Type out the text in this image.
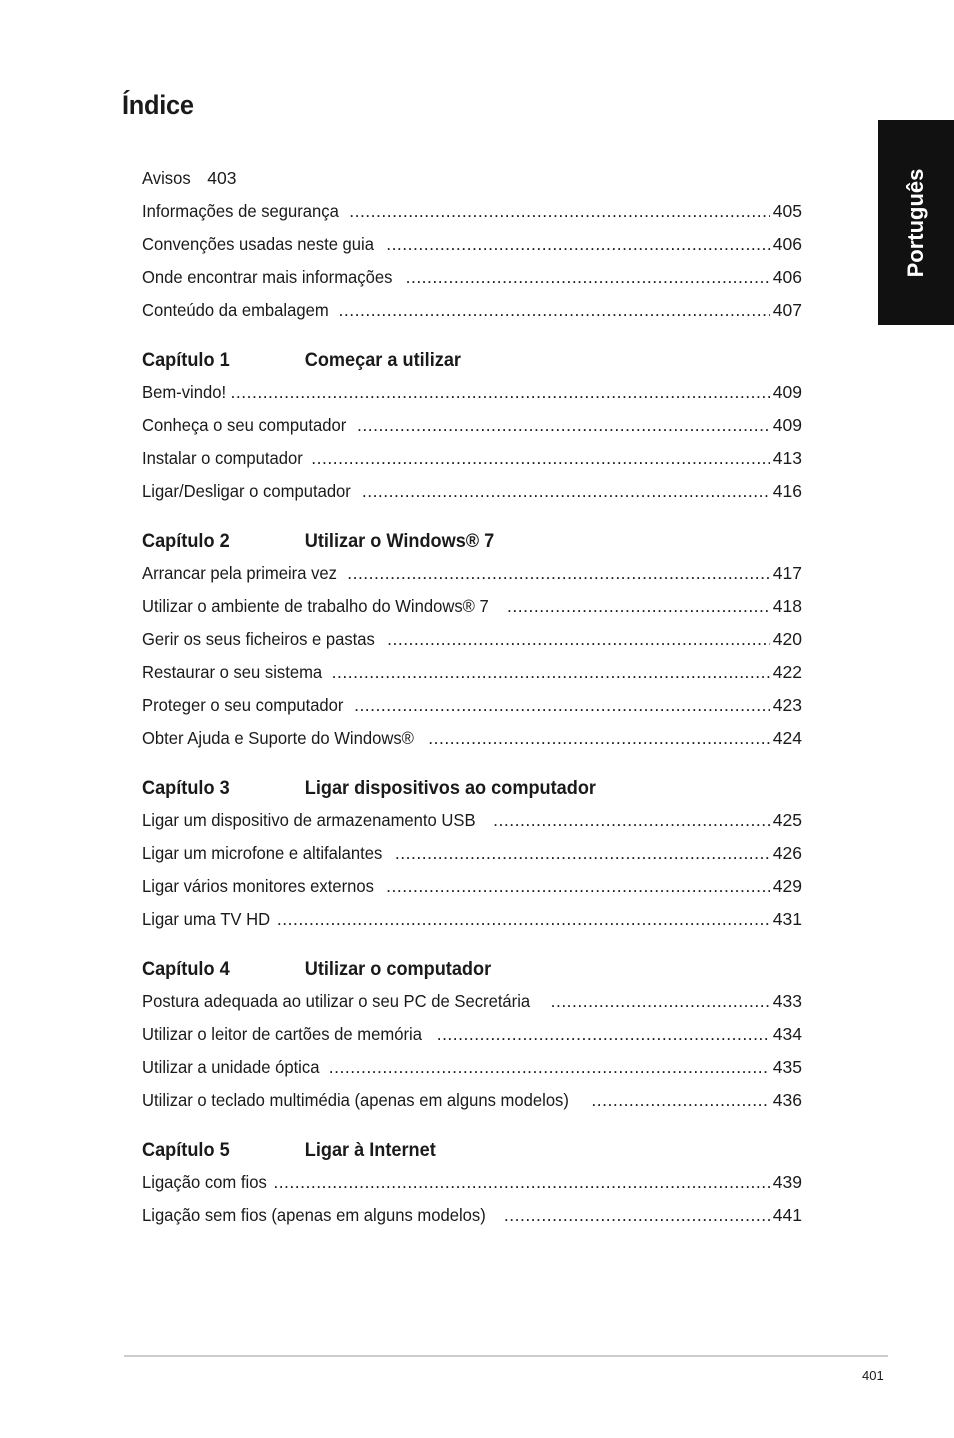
Índice
Português
Avisos 403
Informações de segurança .....	405
Convenções usadas neste guia .....	406
Onde encontrar mais informações .....	406
Conteúdo da embalagem .....	407
Capítulo 1	Começar a utilizar
Bem-vindo! .....	409
Conheça o seu computador .....	409
Instalar o computador .....	413
Ligar/Desligar o computador .....	416
Capítulo 2	Utilizar o Windows® 7
Arrancar pela primeira vez .....	417
Utilizar o ambiente de trabalho do Windows® 7 .....	418
Gerir os seus ficheiros e pastas .....	420
Restaurar o seu sistema .....	422
Proteger o seu computador .....	423
Obter Ajuda e Suporte do Windows® .....	424
Capítulo 3	Ligar dispositivos ao computador
Ligar um dispositivo de armazenamento USB .....	425
Ligar um microfone e altifalantes .....	426
Ligar vários monitores externos .....	429
Ligar uma TV HD .....	431
Capítulo 4	Utilizar o computador
Postura adequada ao utilizar o seu PC de Secretária .....	433
Utilizar o leitor de cartões de memória .....	434
Utilizar a unidade óptica .....	435
Utilizar o teclado multimédia (apenas em alguns modelos) .....	436
Capítulo 5	Ligar à Internet
Ligação com fios .....	439
Ligação sem fios (apenas em alguns modelos) .....	441
401
